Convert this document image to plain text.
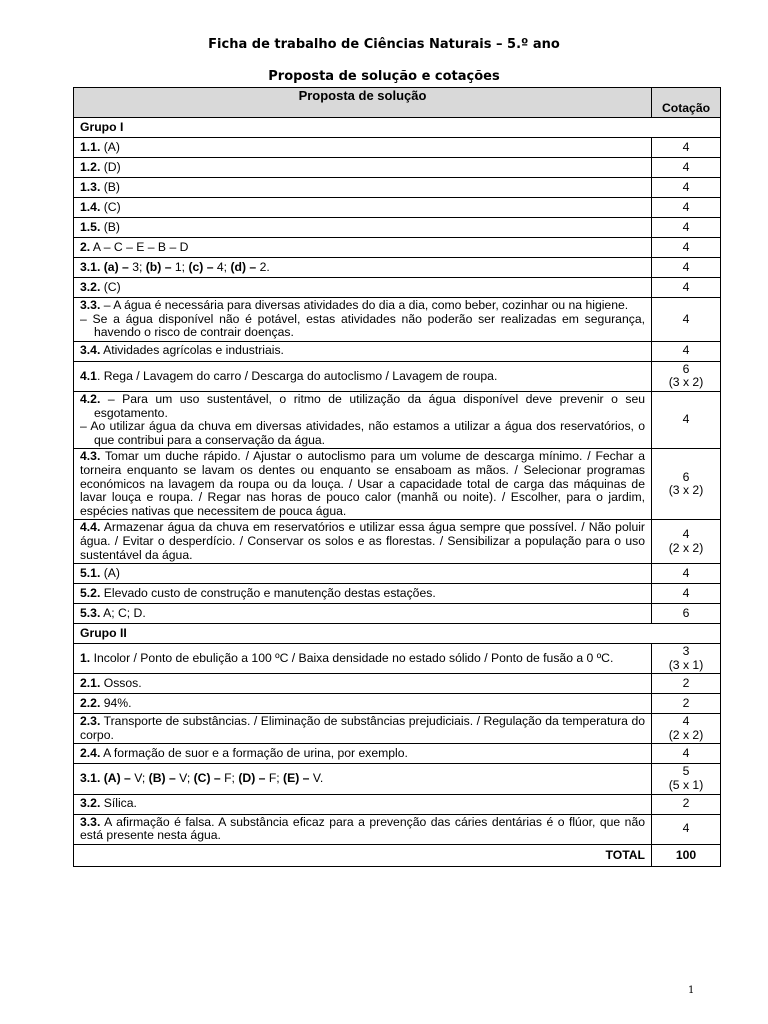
Ficha de trabalho de Ciências Naturais – 5.º ano
Proposta de solução e cotações
Proposta de solução	Cotação
Grupo I	
1.1. (A)	4
1.2. (D)	4
1.3. (B)	4
1.4. (C)	4
1.5. (B)	4
2. A – C – E – B – D	4
3.1. (a) – 3; (b) – 1; (c) – 4; (d) – 2.	4
3.2. (C)	4

3.3. – A água é necessária para diversas atividades do dia a dia, como beber, cozinhar ou na higiene.
– Se a água disponível não é potável, estas atividades não poderão ser realizadas em segurança, havendo o risco de contrair doenças.	4
3.4. Atividades agrícolas e industriais.	4
4.1. Rega / Lavagem do carro / Descarga do autoclismo / Lavagem de roupa.	6
(3 x 2)

4.2. – Para um uso sustentável, o ritmo de utilização da água disponível deve prevenir o seu esgotamento.
– Ao utilizar água da chuva em diversas atividades, não estamos a utilizar a água dos reservatórios, o que contribui para a conservação da água.	4
4.3. Tomar um duche rápido. / Ajustar o autoclismo para um volume de descarga mínimo. / Fechar a torneira enquanto se lavam os dentes ou enquanto se ensaboam as mãos. / Selecionar programas económicos na lavagem da roupa ou da louça. / Usar a capacidade total de carga das máquinas de lavar louça e roupa. / Regar nas horas de pouco calor (manhã ou noite). / Escolher, para o jardim, espécies nativas que necessitem de pouca água.	6
(3 x 2)

4.4. Armazenar água da chuva em reservatórios e utilizar essa água sempre que possível. / Não poluir água. / Evitar o desperdício. / Conservar os solos e as florestas. / Sensibilizar a população para o uso sustentável da água.	4
(2 x 2)

5.1. (A)	4
5.2. Elevado custo de construção e manutenção destas estações.	4
5.3. A; C; D.	6
Grupo II	
1. Incolor / Ponto de ebulição a 100 ºC / Baixa densidade no estado sólido / Ponto de fusão a 0 ºC.	3
(3 x 1)

2.1. Ossos.	2
2.2. 94%.	2
2.3. Transporte de substâncias. / Eliminação de substâncias prejudiciais. / Regulação da temperatura do corpo.	4
(2 x 2)

2.4. A formação de suor e a formação de urina, por exemplo.	4
3.1. (A) – V; (B) – V; (C) – F; (D) – F; (E) – V.	5
(5 x 1)

3.2. Sílica.	2
3.3. A afirmação é falsa. A substância eficaz para a prevenção das cáries dentárias é o flúor, que não está presente nesta água.	4
TOTAL	100
1
